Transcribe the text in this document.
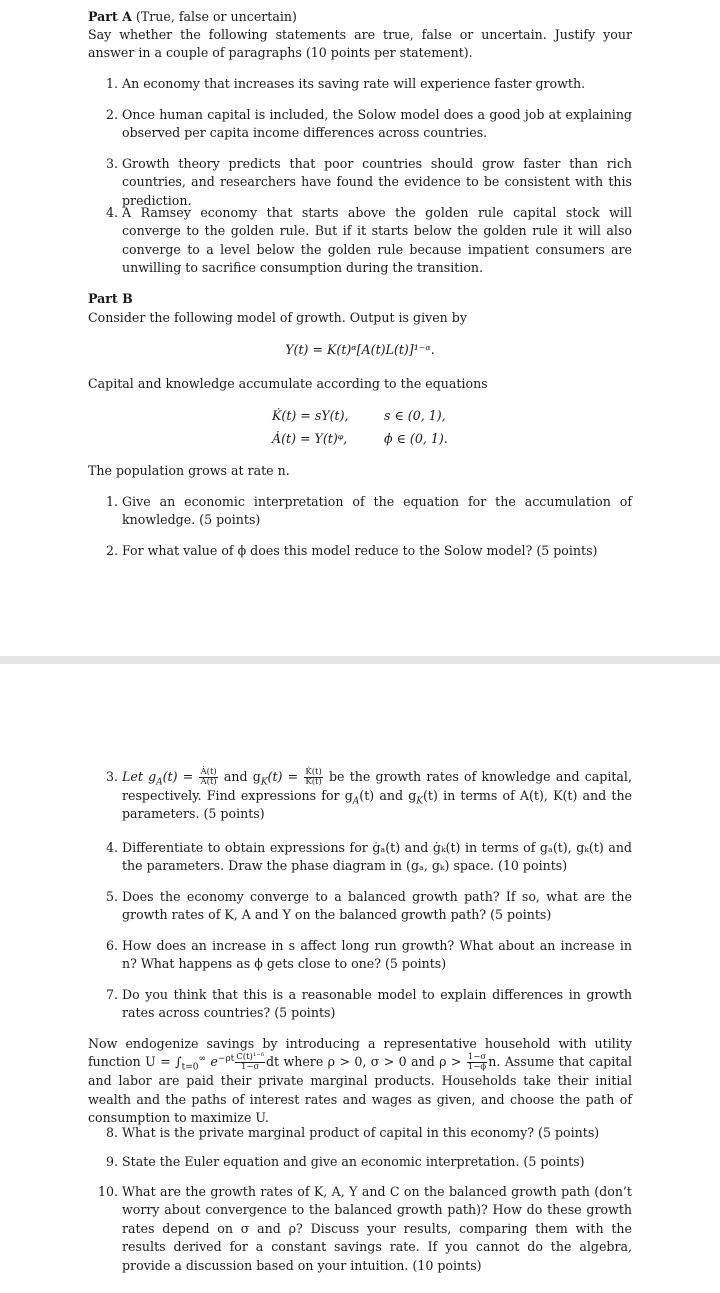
Part A (True, false or uncertain)
Say whether the following statements are true, false or uncertain. Justify your answer in a couple of paragraphs (10 points per statement).
1. An economy that increases its saving rate will experience faster growth.
2. Once human capital is included, the Solow model does a good job at explaining observed per capita income differences across countries.
3. Growth theory predicts that poor countries should grow faster than rich countries, and researchers have found the evidence to be consistent with this prediction.
4. A Ramsey economy that starts above the golden rule capital stock will converge to the golden rule. But if it starts below the golden rule it will also converge to a level below the golden rule because impatient consumers are unwilling to sacrifice consumption during the transition.
Part B
Consider the following model of growth. Output is given by
Y(t) = K(t)ᵅ[A(t)L(t)]¹⁻ᵅ.
Capital and knowledge accumulate according to the equations
K̇(t) = sY(t),	s ∈ (0, 1),
Ȧ(t) = Y(t)ᵠ,	ϕ ∈ (0, 1).
The population grows at rate n.
1. Give an economic interpretation of the equation for the accumulation of knowledge. (5 points)
2. For what value of ϕ does this model reduce to the Solow model? (5 points)
3. Let $g_A(t) = \frac{Ȧ(t)}{A(t)}$ and $g_K(t) = \frac{K̇(t)}{K(t)}$ be the growth rates of knowledge and capital, respectively. Find expressions for $g_A(t)$ and $g_K(t)$ in terms of A(t), K(t) and the parameters. (5 points)
4. Differentiate to obtain expressions for ġₐ(t) and ġₖ(t) in terms of gₐ(t), gₖ(t) and the parameters. Draw the phase diagram in (gₐ, gₖ) space. (10 points)
5. Does the economy converge to a balanced growth path? If so, what are the growth rates of K, A and Y on the balanced growth path? (5 points)
6. How does an increase in s affect long run growth? What about an increase in n? What happens as ϕ gets close to one? (5 points)
7. Do you think that this is a reasonable model to explain differences in growth rates across countries? (5 points)
Now endogenize savings by introducing a representative household with utility function $U = \int_{t=0}^\infty$ $e^{-\rho t} \frac{\text{C(t)¹⁻ᵟ}}{1-\sigma}$ dt where ρ > 0, σ > 0 and $\rho > \frac{1-\sigma}{1-\phi} n$. Assume that capital and labor are paid their private marginal products. Households take their initial wealth and the paths of interest rates and wages as given, and choose the path of consumption to maximize U.
8. What is the private marginal product of capital in this economy? (5 points)
9. State the Euler equation and give an economic interpretation. (5 points)
10. What are the growth rates of K, A, Y and C on the balanced growth path (don’t worry about convergence to the balanced growth path)? How do these growth rates depend on σ and ρ? Discuss your results, comparing them with the results derived for a constant savings rate. If you cannot do the algebra, provide a discussion based on your intuition. (10 points)
